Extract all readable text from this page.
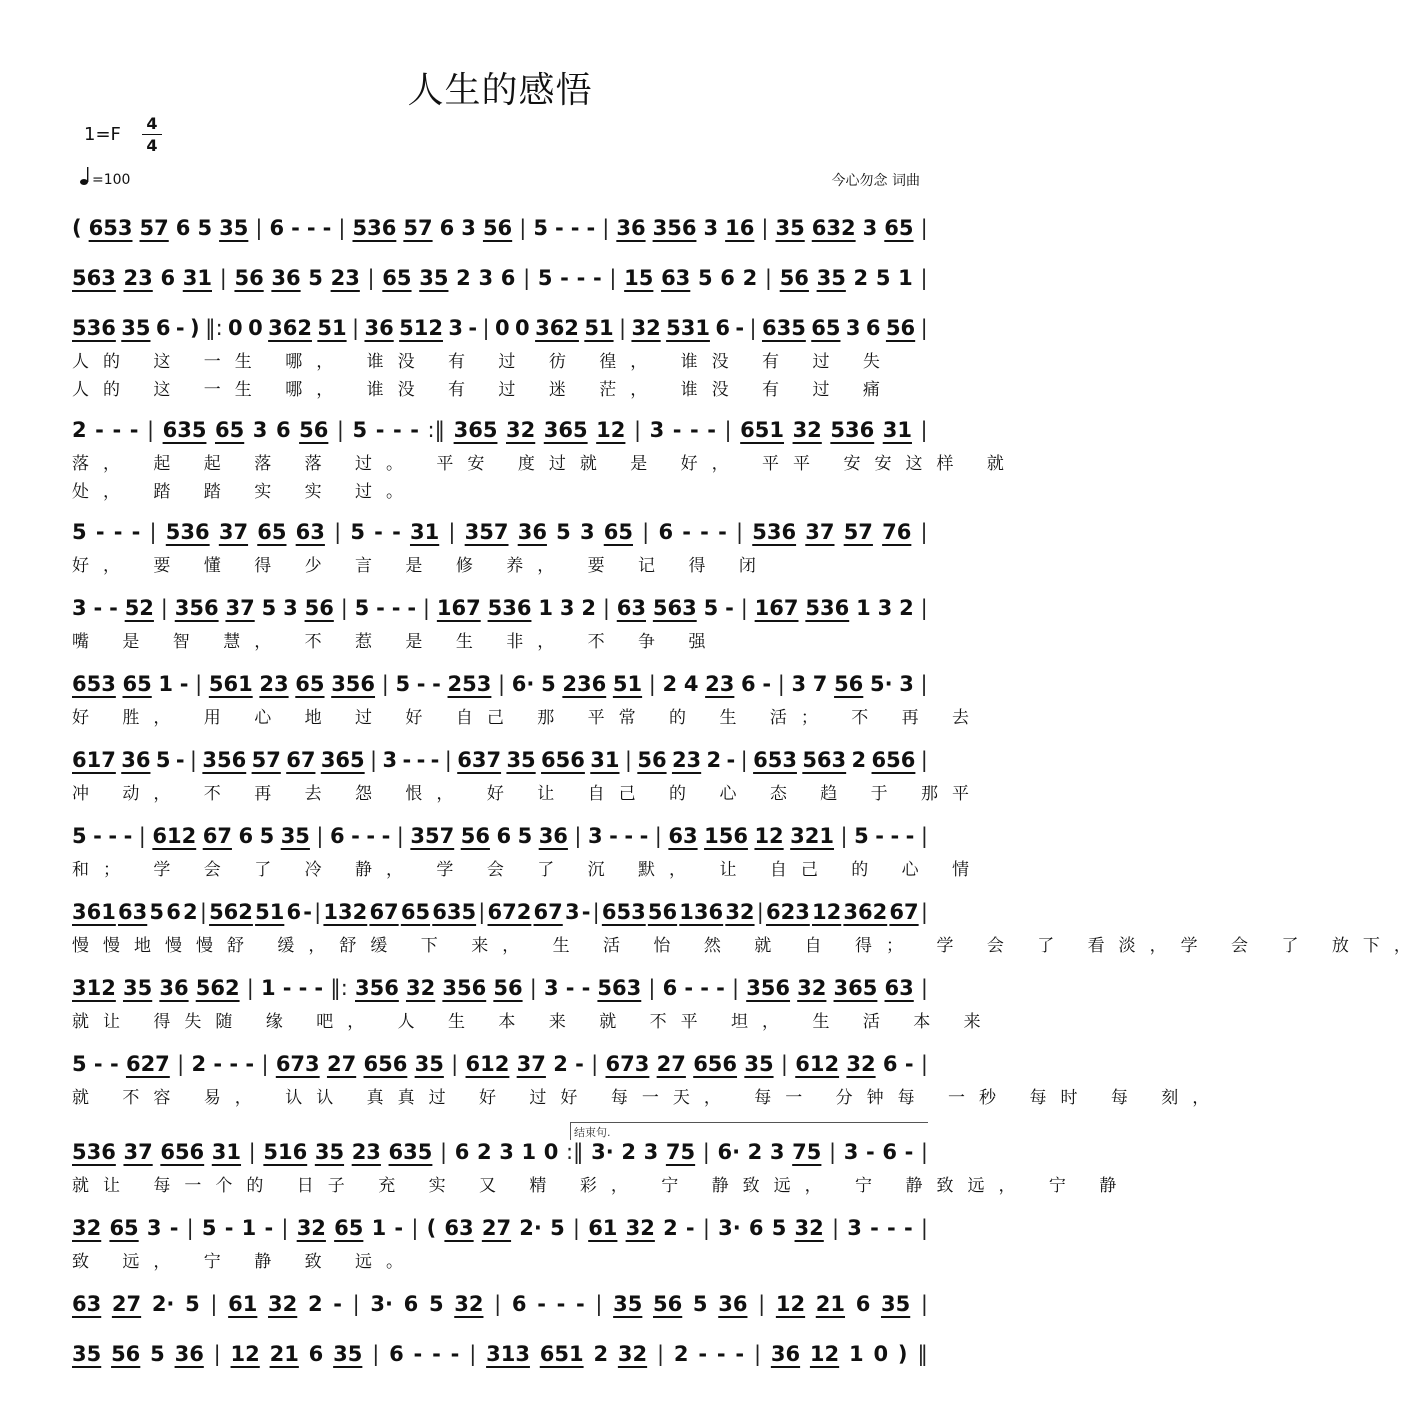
人生的感悟
1=F
4
4
=100	今心勿念 词曲
结束句.
( 653 57 6 5 35 | 6 - - - | 536 57 6 3 56 | 5 - - - | 36 356 3 16 | 35 632 3 65 |
563 23 6 31 | 56 36 5 23 | 65 35 2 3 6 | 5 - - - | 15 63 5 6 2 | 56 35 2 5 1 |
536 35 6 - ) ‖: 0 0 362 51 | 36 512 3 - | 0 0 362 51 | 32 531 6 - | 635 65 3 6 56 |
人的 这 一生 哪， 谁没 有 过 彷 徨， 谁没 有 过 失
人的 这 一生 哪， 谁没 有 过 迷 茫， 谁没 有 过 痛
2 - - - | 635 65 3 6 56 | 5 - - - :‖ 365 32 365 12 | 3 - - - | 651 32 536 31 |
落， 起 起 落 落 过。 平安 度过就 是 好， 平平 安安这样 就
处， 踏 踏 实 实 过。
5 - - - | 536 37 65 63 | 5 - - 31 | 357 36 5 3 65 | 6 - - - | 536 37 57 76 |
好， 要 懂 得 少 言 是 修 养， 要 记 得 闭
3 - - 52 | 356 37 5 3 56 | 5 - - - | 167 536 1 3 2 | 63 563 5 - | 167 536 1 3 2 |
嘴 是 智 慧， 不 惹 是 生 非， 不 争 强
653 65 1 - | 561 23 65 356 | 5 - - 253 | 6· 5 236 51 | 2 4 23 6 - | 3 7 56 5· 3 |
好 胜， 用 心 地 过 好 自己 那 平常 的 生 活； 不 再 去
617 36 5 - | 356 57 67 365 | 3 - - - | 637 35 656 31 | 56 23 2 - | 653 563 2 656 |
冲 动， 不 再 去 怨 恨， 好 让 自己 的 心 态 趋 于 那平
5 - - - | 612 67 6 5 35 | 6 - - - | 357 56 6 5 36 | 3 - - - | 63 156 12 321 | 5 - - - |
和； 学 会 了 冷 静， 学 会 了 沉 默， 让 自己 的 心 情
361 63 5 6 2 | 562 51 6 - | 132 67 65 635 | 672 67 3 - | 653 56 136 32 | 623 12 362 67 |
慢慢地慢慢舒 缓，舒缓 下 来， 生 活 怡 然 就 自 得； 学 会 了 看淡，学 会 了 放下，
312 35 36 562 | 1 - - - ‖: 356 32 356 56 | 3 - - 563 | 6 - - - | 356 32 365 63 |
就让 得失随 缘 吧， 人 生 本 来 就 不平 坦， 生 活 本 来
5 - - 627 | 2 - - - | 673 27 656 35 | 612 37 2 - | 673 27 656 35 | 612 32 6 - |
就 不容 易， 认认 真真过 好 过好 每一天， 每一 分钟每 一秒 每时 每 刻，
536 37 656 31 | 516 35 23 635 | 6 2 3 1 0 :‖ 3· 2 3 75 | 6· 2 3 75 | 3 - 6 - |
就让 每一个的 日子 充 实 又 精 彩， 宁 静致远， 宁 静致远， 宁 静
32 65 3 - | 5 - 1 - | 32 65 1 - | ( 63 27 2· 5 | 61 32 2 - | 3· 6 5 32 | 3 - - - |
致 远， 宁 静 致 远。
63 27 2· 5 | 61 32 2 - | 3· 6 5 32 | 6 - - - | 35 56 5 36 | 12 21 6 35 |
35 56 5 36 | 12 21 6 35 | 6 - - - | 313 651 2 32 | 2 - - - | 36 12 1 0 ) ‖
